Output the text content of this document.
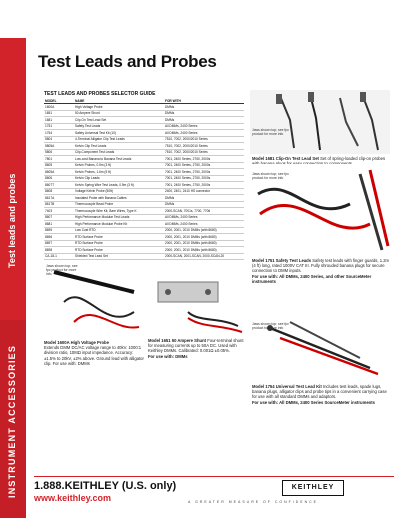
Test leads and probes
INSTRUMENT ACCESSORIES
Test Leads and Probes
TEST LEADS AND PROBES SELECTOR GUIDE
MODEL	NAME	FOR WITH
1600A	High Voltage Probe	DMMs
1651	50 Ampere Shunt	DMMs
1681	Clip-On Test Lead Set	DMMs
1751	Safety Test Leads	All DMMs, 2400 Series
1754	Safety Universal Test Kit (10)	All DMMs, 2400 Series
5804	4-Terminal Alligator Clip Test Leads	7510, 7002, 2000/2010 Series
5805A	Kelvin Clip Test Leads	7510, 7002, 2000/2010 Series
5806	Clip-Component Test Leads	7510, 7002, 2000/2010 Series
7801	Low-cost Banana to Banana Test Leads	7001, 2400 Series, 2750, 2000s
8605	Kelvin Probes, 0.9m (3 ft)	7001, 2400 Series, 2750, 2000s
8605A	Kelvin Probes, 1.6m (5 ft)	7001, 2400 Series, 2750, 2000s
8606	Kelvin Clip Leads	7001, 2400 Series, 2750, 2000s
8607T	Kelvin Spring Wire Test Leads, 0.9m (3 ft)	7001, 2400 Series, 2750, 2000s
8608	Voltage Kelvin Probe (50ft)	2400, 2401, 2410 HS connector
8617A	Insulated Probe with Banana Cables	DMMs
8617B	Thermocouple Bead Probe	DMMs
7403	Thermocouple Wire Kit, Bare Wires, Type K	2000-SCAN, 7001s, 7700, 7706
8607	High Performance Modular Test Leads	All DMMs, 2400 Series
8681	High Performance Modular Probe Kit	All DMMs, 2400 Series
8695	Low Cost RTD	2000, 2001, 2010 DMMs (with 8680)
8696	RTD Surface Probe	2000, 2001, 2010 DMMs (with 8680)
8697	RTD Surface Probe	2000, 2001, 2010 DMMs (with 8680)
8698	RTD Surface Probe	2000, 2001, 2010 DMMs (with 8680)
CA-18-1	Shielded Test Lead Set	2000-SCAN, 2001-SCAN, 2000-SCAN-20
Jaws shown top; see fpc product for more info
Model 1681 Clip-On Test Lead Set Set of spring-loaded clip-on probes

Jaws shown top; see fpc product for more info
Model 1751 Safety Test Leads Safety test leads with finger guards, 1.2m (4 ft) long, rated 1000V CAT III. Fully shrouded banana plugs for secure connection to DMM inputs.
For use with: All DMMs, 2400 Series, and other SourceMeter instruments
Jaws shown top; see fpc product for more info
Model 1754 Universal Test Lead Kit Includes test leads, spade lugs, banana plugs, alligator clips and probe tips in a convenient carrying case for use with all standard DMMs and adaptors.
For use with: All DMMs, 2400 Series SourceMeter instruments
Jaws shown top; see fpc product for more info
Model 1600A High Voltage Probe
Extends DMM DC/AC voltage range to 40kV. 1000:1 division ratio, 10MΩ input impedance. Accuracy: ±1.5% to 20kV, ±2% above. Ground lead with alligator clip. For use with: DMMs
Model 1651 50 Ampere Shunt Four-terminal shunt for measuring currents up to 50A DC. Used with Keithley DMMs. Calibrated: 0.001Ω ±0.05%.
For use with: DMMs
1.888.KEITHLEY (U.S. only)
www.keithley.com
KEITHLEY
A GREATER MEASURE OF CONFIDENCE
